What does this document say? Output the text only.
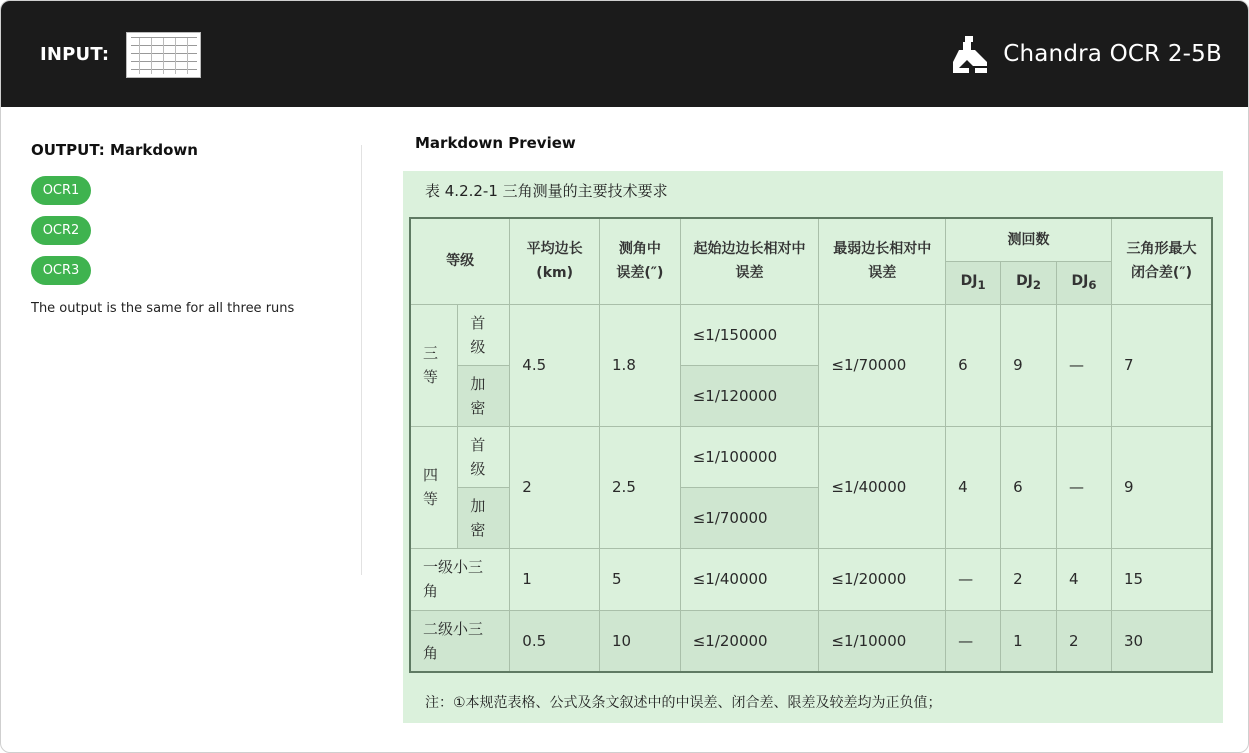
INPUT:	Chandra OCR 2-5B
OUTPUT: Markdown
OCR1
OCR2
OCR3
The output is the same for all three runs
Markdown Preview
表 4.2.2-1 三角测量的主要技术要求
等级		平均边长(km)	测角中误差(″)	起始边边长相对中误差	最弱边长相对中误差	测回数			三角形最大闭合差(″)
						$DJ_1$	$DJ_2$	$DJ_6$
三等	首级	4.5	1.8	≤1/150000	≤1/70000	6	9	—	7
	加密			≤1/120000					
四等	首级	2	2.5	≤1/100000	≤1/40000	4	6	—	9
	加密			≤1/70000					
一级小三角		1	5	≤1/40000	≤1/20000	—	2	4	15
二级小三角		0.5	10	≤1/20000	≤1/10000	—	1	2	30
注：①本规范表格、公式及条文叙述中的中误差、闭合差、限差及较差均为正负值；
